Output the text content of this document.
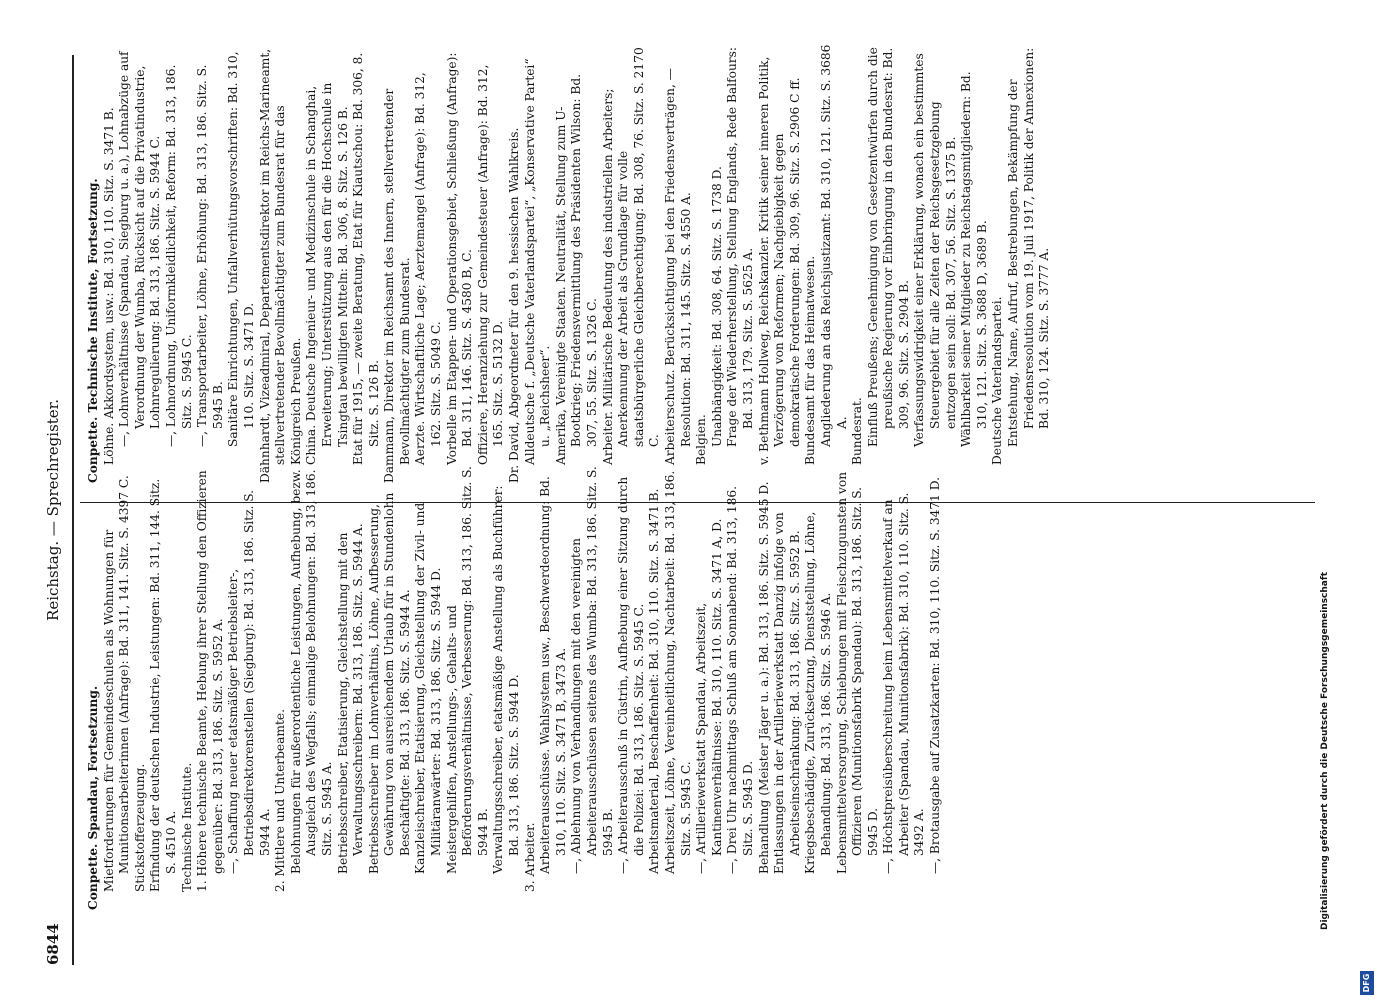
6844
Reichstag. — Sprechregister.

Conpette. Spandau, Fortsetzung. Mietforderungen für Gemeindeschulen als Wohnungen für Munitionsarbeiterinnen (Anfrage): Bd. 311, 141. Sitz. S. 4397 C. Stickstofferzeugung. Erfindung der deutschen Industrie, Leistungen: Bd. 311, 144. Sitz. S. 4510 A. Technische Institute. 1. Höhere technische Beamte, Hebung ihrer Stellung den Offizieren gegenüber: Bd. 313, 186. Sitz. S. 5952 A. —, Schaffung neuer etatsmäßiger Betriebsleiter-, Betriebsdirektorenstellen (Siegburg): Bd. 313, 186. Sitz. S. 5944 A. 2. Mittlere und Unterbeamte. Belohnungen für außerordentliche Leistungen, Aufhebung, bezw. Ausgleich des Wegfalls; einmalige Belohnungen: Bd. 313, 186. Sitz. S. 5945 A. Betriebsschreiber, Etatisierung, Gleichstellung mit den Verwaltungsschreibern: Bd. 313, 186. Sitz. S. 5944 A. Betriebsschreiber im Lohnverhältnis, Löhne, Aufbesserung, Gewährung von ausreichendem Urlaub für in Stundenlohn Beschäftigte: Bd. 313, 186. Sitz. S. 5944 A. Kanzleischreiber, Etatisierung, Gleichstellung der Zivil- und Militäranwärter: Bd. 313, 186. Sitz. S. 5944 D. Meistergehilfen, Anstellungs-, Gehalts- und Beförderungsverhältnisse, Verbesserung: Bd. 313, 186. Sitz. S. 5944 B. Verwaltungsschreiber, etatsmäßige Anstellung als Buchführer: Bd. 313, 186. Sitz. S. 5944 D.

3. Arbeiter. Arbeiterausschüsse. Wahlsystem usw., Beschwerdeordnung: Bd. 310, 110. Sitz. S. 3471 B, 3473 A. —, Ablehnung von Verhandlungen mit den vereinigten Arbeiterausschüssen seitens des Wumba: Bd. 313, 186. Sitz. S. 5945 B. —, Arbeiterausschuß in Cüstrin, Aufhebung einer Sitzung durch die Polizei: Bd. 313, 186. Sitz. S. 5945 C. Arbeitsmaterial, Beschaffenheit: Bd. 310, 110. Sitz. S. 3471 B. Arbeitszeit, Löhne, Vereinheitlichung, Nachtarbeit: Bd. 313, 186. Sitz. S. 5945 C. —, Artilleriewerkstatt Spandau, Arbeitszeit, Kantinenverhältnisse: Bd. 310, 110. Sitz. S. 3471 A, D. —, Drei Uhr nachmittags Schluß am Sonnabend: Bd. 313, 186. Sitz. S. 5945 D. Behandlung (Meister Jäger u. a.): Bd. 313, 186. Sitz. S. 5945 D. Entlassungen in der Artilleriewerkstatt Danzig infolge von Arbeitseinschränkung: Bd. 313, 186. Sitz. S. 5952 B. Kriegsbeschädigte, Zurücksetzung, Dienststellung, Löhne, Behandlung: Bd. 313, 186. Sitz. S. 5946 A. Lebensmittelversorgung, Schiebungen mit Fleischzugunsten von Offizieren (Munitionsfabrik Spandau): Bd. 313, 186. Sitz. S. 5945 D. —, Höchstpreisüberschreitung beim Lebensmittelverkauf an Arbeiter (Spandau, Munitionsfabrik): Bd. 310, 110. Sitz. S. 3492 A. —, Brotausgabe auf Zusatzkarten: Bd. 310, 110. Sitz. S. 3471 D.

Conpette. Technische Institute, Fortsetzung. Löhne. Akkordsystem, usw.: Bd. 310, 110. Sitz. S. 3471 B. —, Lohnverhältnisse (Spandau, Siegburg u. a.), Lohnabzüge auf Verordnung der Wumba, Rücksicht auf die Privatindustrie, Lohnregulierung: Bd. 313, 186. Sitz. S. 5944 C. —, Lohnordnung, Uniformkleidlichkeit, Reform: Bd. 313, 186. Sitz. S. 5945 C. —, Transportarbeiter, Löhne, Erhöhung: Bd. 313, 186. Sitz. S. 5945 B. Sanitäre Einrichtungen, Unfallverhütungsvorschriften: Bd. 310, 110. Sitz. S. 3471 D. Dähnhardt, Vizeadmiral, Departementsdirektor im Reichs-Marineamt, stellvertretender Bevollmächtigter zum Bundesrat für das Königreich Preußen. China. Deutsche Ingenieur- und Medizinschule in Schanghai, Erweiterung; Unterstützung aus den für die Hochschule in Tsingtau bewilligten Mitteln: Bd. 306, 8. Sitz. S. 126 B. Etat für 1915, — zweite Beratung, Etat für Kiautschou: Bd. 306, 8. Sitz. S. 126 B. Dammann, Direktor im Reichsamt des Innern, stellvertretender Bevollmächtigter zum Bundesrat. Aerzte. Wirtschaftliche Lage; Aerztemangel (Anfrage): Bd. 312, 162. Sitz. S. 5049 C. Vorbelle im Etappen- und Operationsgebiet, Schließung (Anfrage): Bd. 311, 146. Sitz. S. 4580 B, C. Offiziere, Heranziehung zur Gemeindesteuer (Anfrage): Bd. 312, 165. Sitz. S. 5132 D. Dr. David, Abgeordneter für den 9. hessischen Wahlkreis. Alldeutsche f. „Deutsche Vaterlandspartei“, „Konservative Partei“ u. „Reichsheer“. Amerika, Vereinigte Staaten. Neutralität, Stellung zum U-Bootkrieg; Friedensvermittlung des Präsidenten Wilson: Bd. 307, 55. Sitz. S. 1326 C. Arbeiter. Militärische Bedeutung des industriellen Arbeiters; Anerkennung der Arbeit als Grundlage für volle staatsbürgerliche Gleichberechtigung: Bd. 308, 76. Sitz. S. 2170 C. Arbeiterschutz. Berücksichtigung bei den Friedensverträgen, — Resolution: Bd. 311, 145. Sitz. S. 4550 A. Belgien. Unabhängigkeit: Bd. 308, 64. Sitz. S. 1738 D. Frage der Wiederherstellung, Stellung Englands, Rede Balfours: Bd. 313, 179. Sitz. S. 5625 A. v. Bethmann Hollweg, Reichskanzler. Kritik seiner inneren Politik, Verzögerung von Reformen; Nachgiebigkeit gegen demokratische Forderungen: Bd. 309, 96. Sitz. S. 2906 C ff. Bundesamt für das Heimatwesen. Angliederung an das Reichsjustizamt: Bd. 310, 121. Sitz. S. 3686 A. Bundesrat. Einfluß Preußens; Genehmigung von Gesetzentwürfen durch die preußische Regierung vor Einbringung in den Bundesrat: Bd. 309, 96. Sitz. S. 2904 B. Verfassungswidrigkeit einer Erklärung, wonach ein bestimmtes Steuergebiet für alle Zeiten der Reichsgesetzgebung entzogen sein soll: Bd. 307, 56. Sitz. S. 1375 B. Wählbarkeit seiner Mitglieder zu Reichstagsmitgliedern: Bd. 310, 121. Sitz. S. 3688 D, 3689 B. Deutsche Vaterlandspartei. Entstehung, Name, Aufruf, Bestrebungen, Bekämpfung der Friedensresolution vom 19. Juli 1917, Politik der Annexionen: Bd. 310, 124. Sitz. S. 3777 A.

Digitalisierung gefördert durch die Deutsche Forschungsgemeinschaft
DFG
